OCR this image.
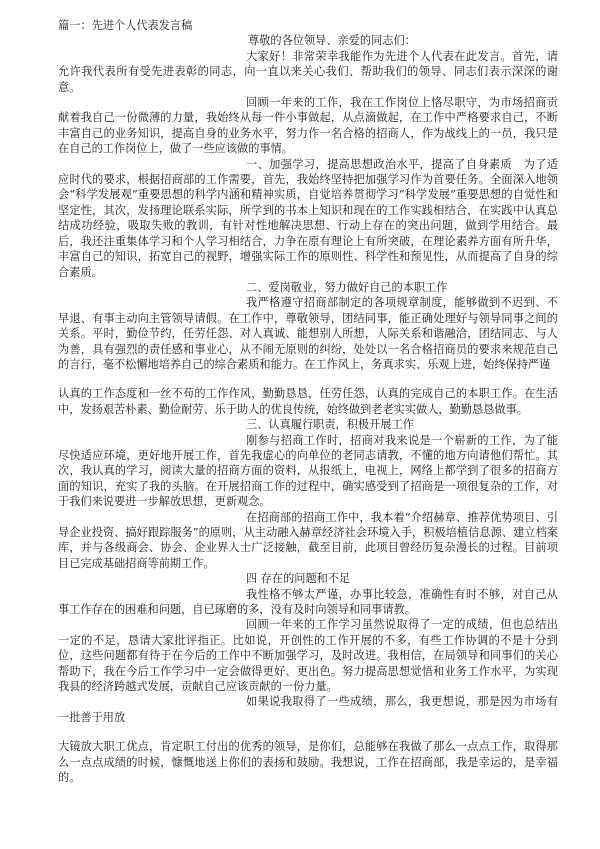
篇一：先进个人代表发言稿

尊敬的各位领导、亲爱的同志们：

大家好！非常荣幸我能作为先进个人代表在此发言。首先，请允许我代表所有受先进表彰的同志，向一直以来关心我们、帮助我们的领导、同志们表示深深的谢意。

回顾一年来的工作，我在工作岗位上恪尽职守，为市场招商贡献着我自己一份微薄的力量，我始终从每一件小事做起，从点滴做起，在工作中严格要求自己，不断丰富自己的业务知识，提高自身的业务水平，努力作一名合格的招商人，作为战线上的一员，我只是在自己的工作岗位上，做了一些应该做的事情。

一、加强学习，提高思想政治水平，提高了自身素质　为了适应时代的要求，根据招商部的工作需要，首先，我始终坚持把加强学习作为首要任务。全面深入地领会“科学发展观”重要思想的科学内涵和精神实质，自觉培养贯彻学习“科学发展”重要思想的自觉性和坚定性，其次，发扬理论联系实际，所学到的书本上知识和现在的工作实践相结合，在实践中认真总结成功经验，吸取失败的教训，有针对性地解决思想、行动上存在的突出问题，做到学用结合。最后，我还注重集体学习和个人学习相结合，力争在原有理论上有所突破，在理论素养方面有所升华，丰富自己的知识，拓宽自己的视野，增强实际工作的原则性、科学性和预见性，从而提高了自身的综合素质。

二、爱岗敬业，努力做好自己的本职工作

我严格遵守招商部制定的各项规章制度，能够做到不迟到、不早退、有事主动向主管领导请假。在工作中，尊敬领导，团结同事，能正确处理好与领导同事之间的关系。平时，勤俭节约，任劳任怨、对人真诚、能想别人所想，人际关系和谐融洽，团结同志、与人为善，具有强烈的责任感和事业心，从不闹无原则的纠纷，处处以一名合格招商员的要求来规范自己的言行，毫不松懈地培养自己的综合素质和能力。在工作风上，务真求实、乐观上进，始终保持严谨

认真的工作态度和一丝不苟的工作作风，勤勤恳恳，任劳任怨，认真的完成自己的本职工作。在生活中，发扬艰苦朴素、勤俭耐劳、乐于助人的优良传统，始终做到老老实实做人，勤勤恳恳做事。

三、认真履行职责，积极开展工作

刚参与招商工作时，招商对我来说是一个崭新的工作，为了能尽快适应环境，更好地开展工作，首先我虚心的向单位的老同志请教，不懂的地方向请他们帮忙。其次，我认真的学习，阅读大量的招商方面的资料，从报纸上，电视上，网络上都学到了很多的招商方面的知识，充实了我的头脑。在开展招商工作的过程中，确实感受到了招商是一项很复杂的工作，对于我们来说要进一步解放思想，更新观念。

在招商部的招商工作中，我本着“介绍赫章、推荐优势项目、引导企业投资、搞好跟踪服务”的原则，从主动融入赫章经济社会环境入手，积极培植信息源、建立档案库，并与各级商会、协会、企业界人士广泛接触，截至目前，此项目曾经历复杂漫长的过程。目前项目已完成基础招商等前期工作。

四 存在的问题和不足

我性格不够太严谨，办事比较急，准确性有时不够，对自己从事工作存在的困难和问题，自已琢磨的多，没有及时向领导和同事请教。

回顾一年来的工作学习虽然说取得了一定的成绩，但也总结出一定的不足，恳请大家批评指正。比如说，开创性的工作开展的不多，有些工作协调的不是十分到位，这些问题都有待于在今后的工作中不断加强学习，及时改进。我相信，在局领导和同事们的关心帮助下，我在今后工作学习中一定会做得更好、更出色。努力提高思想觉悟和业务工作水平，为实现我县的经济跨越式发展，贡献自己应该贡献的一份力量。

如果说我取得了一些成绩，那么，我更想说，那是因为市场有一批善于用放

大镜放大职工优点，肯定职工付出的优秀的领导，是你们，总能够在我做了那么一点点工作，取得那么一点点成绩的时候，慷慨地送上你们的表扬和鼓励。我想说，工作在招商部，我是幸运的，是幸福的。
